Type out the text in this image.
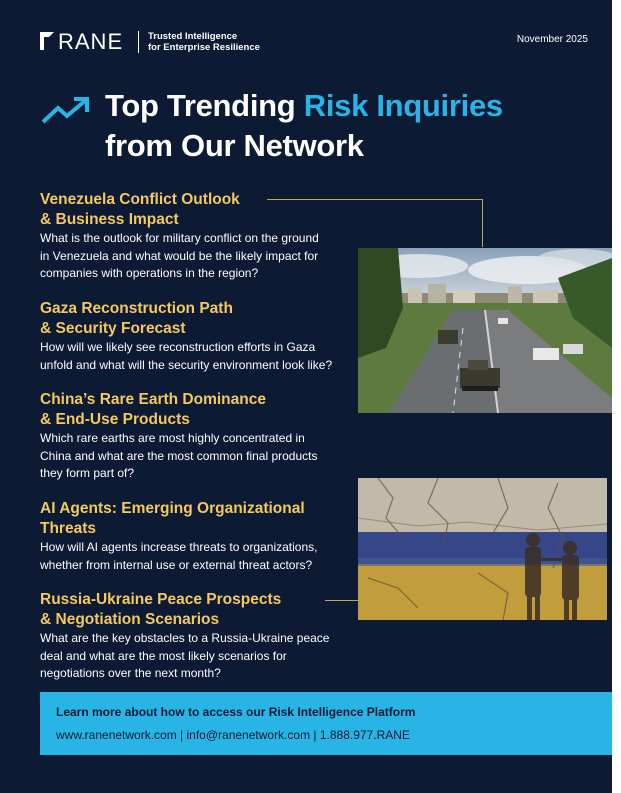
RANE	Trusted Intelligence
for Enterprise Resilience
November 2025
Top Trending Risk Inquiries
from Our Network
Venezuela Conflict Outlook
& Business Impact
What is the outlook for military conflict on the ground
in Venezuela and what would be the likely impact for
companies with operations in the region?
Gaza Reconstruction Path
& Security Forecast
How will we likely see reconstruction efforts in Gaza
unfold and what will the security environment look like?
China’s Rare Earth Dominance
& End-Use Products
Which rare earths are most highly concentrated in
China and what are the most common final products
they form part of?
AI Agents: Emerging Organizational
Threats
How will AI agents increase threats to organizations,
whether from internal use or external threat actors?
Russia-Ukraine Peace Prospects
& Negotiation Scenarios
What are the key obstacles to a Russia-Ukraine peace
deal and what are the most likely scenarios for
negotiations over the next month?
Learn more about how to access our Risk Intelligence Platform
www.ranenetwork.com | info@ranenetwork.com | 1.888.977.RANE
